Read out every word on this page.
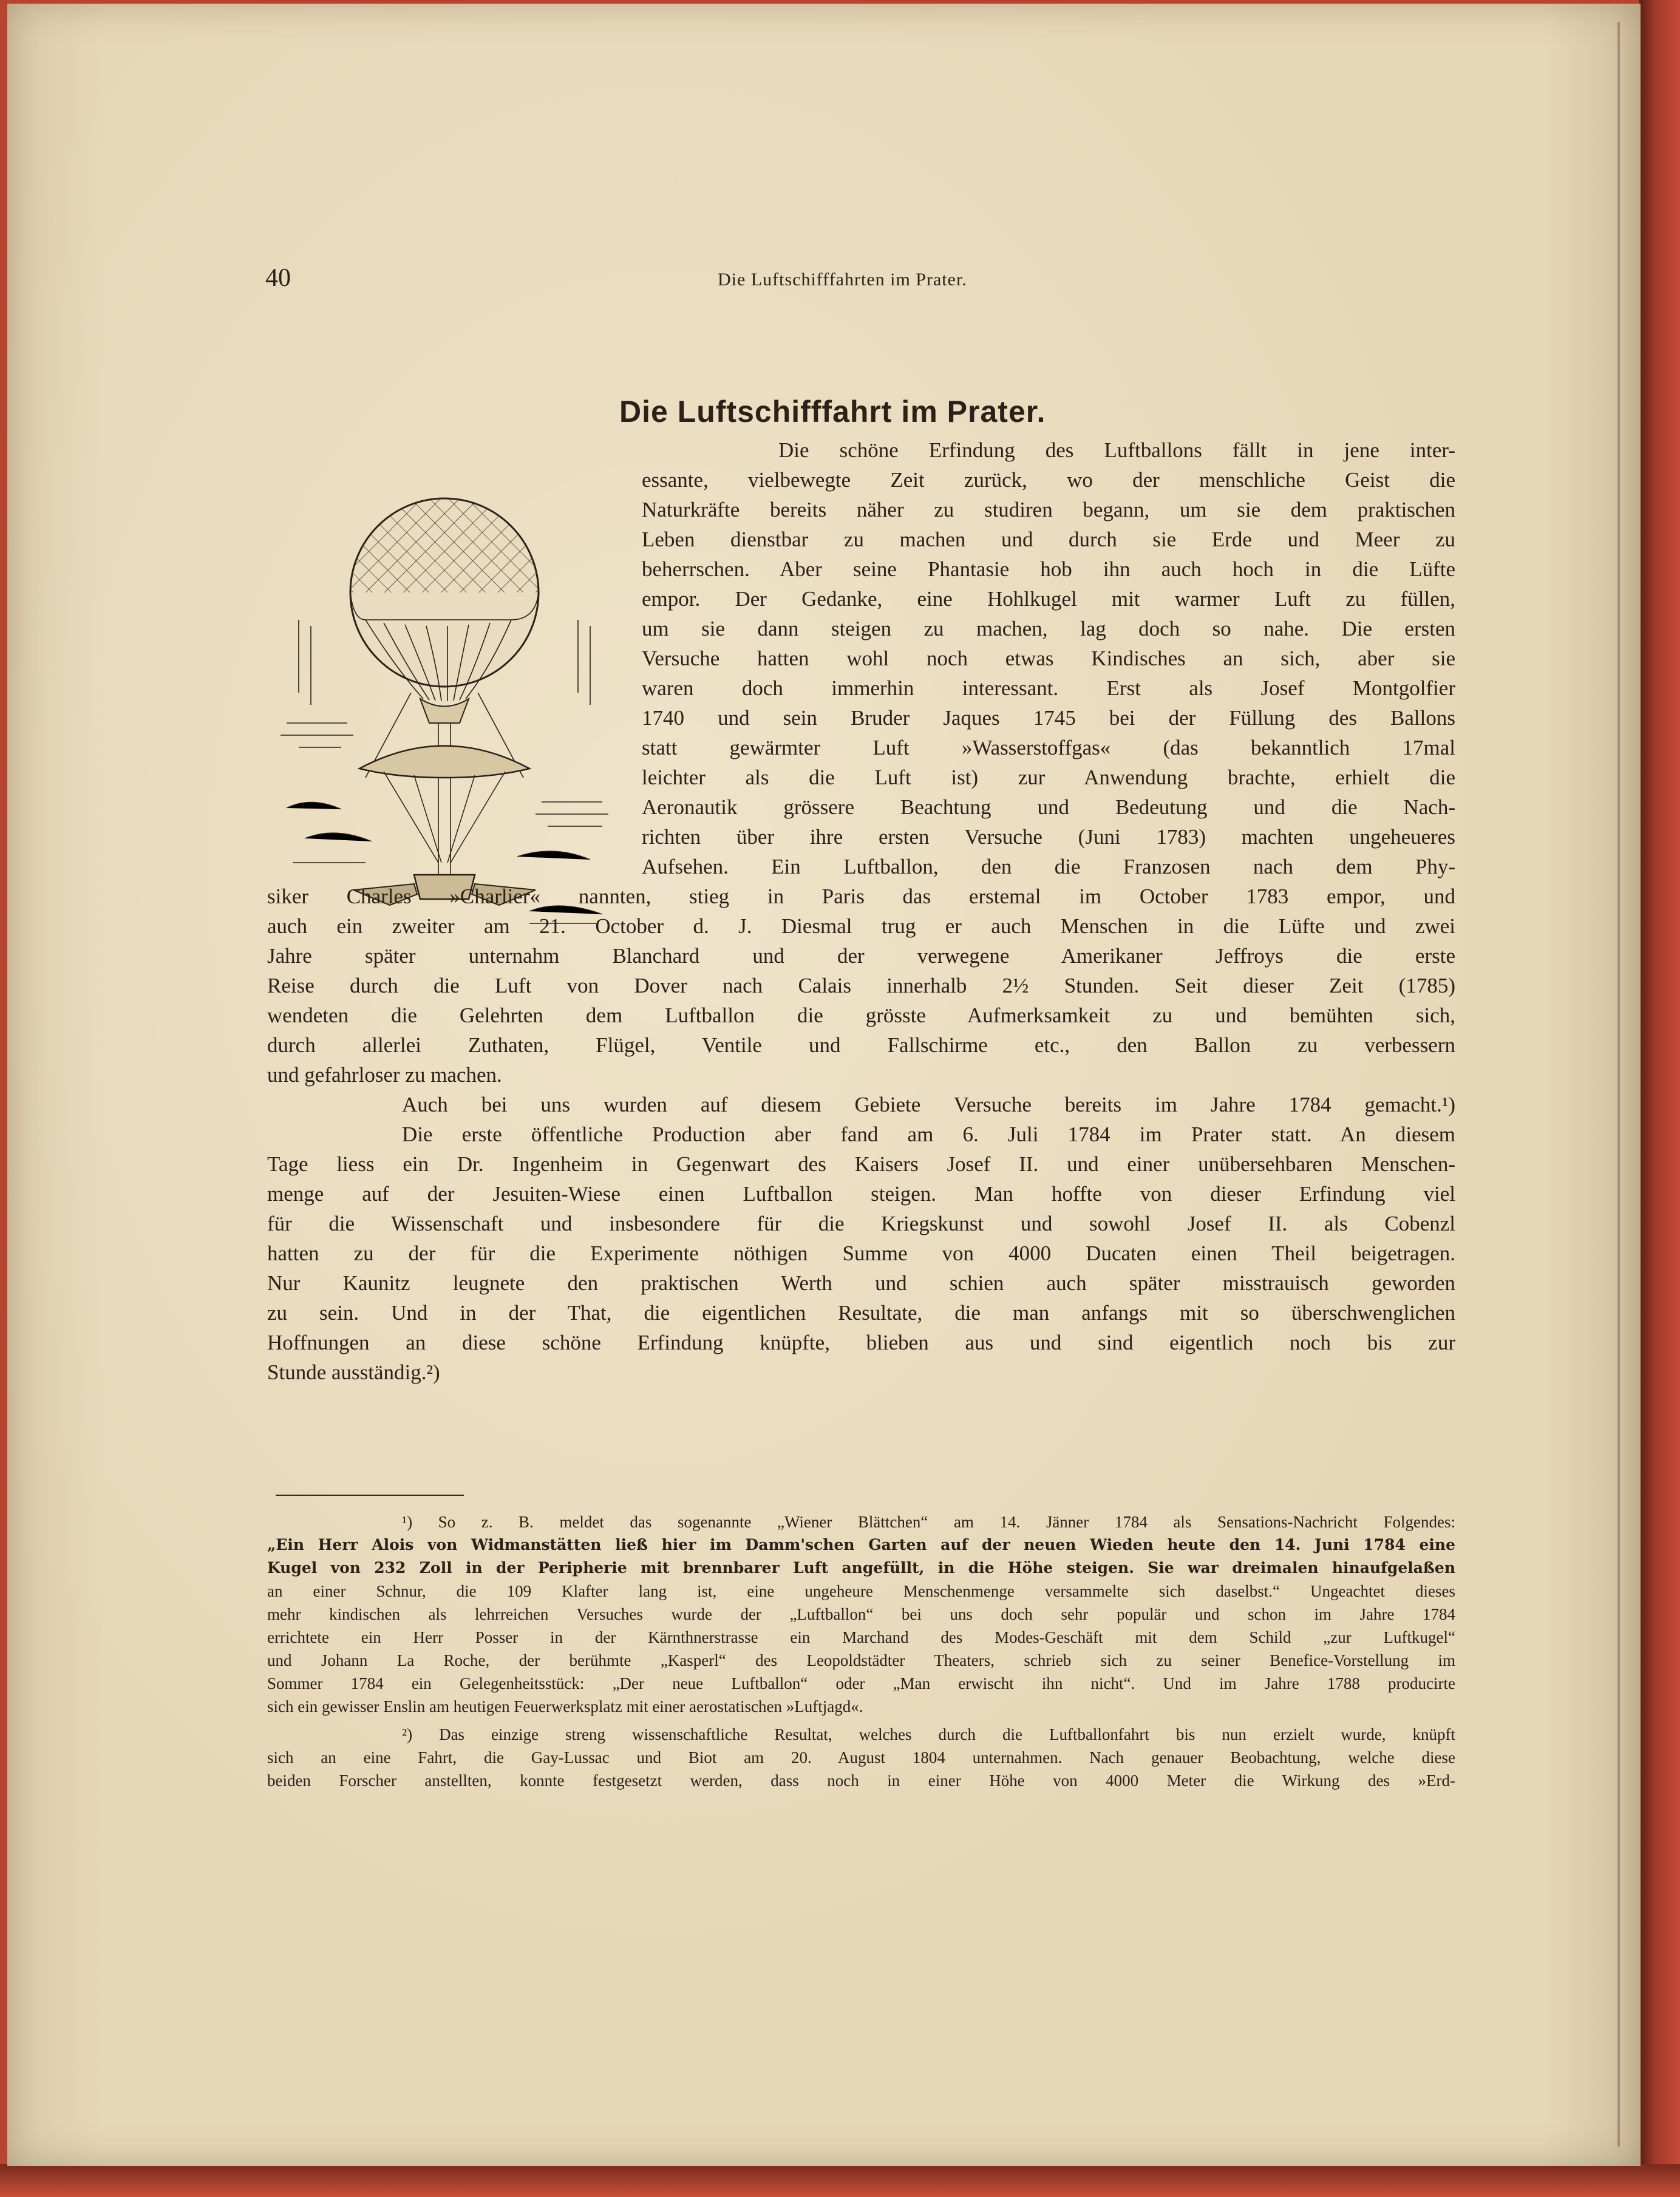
40	Die Luftschifffahrten im Prater.
Die Luftschifffahrt im Prater.
Die schöne Erfindung des Luftballons fällt in jene inter-
essante, vielbewegte Zeit zurück, wo der menschliche Geist die
Naturkräfte bereits näher zu studiren begann, um sie dem praktischen
Leben dienstbar zu machen und durch sie Erde und Meer zu
beherrschen. Aber seine Phantasie hob ihn auch hoch in die Lüfte
empor. Der Gedanke, eine Hohlkugel mit warmer Luft zu füllen,
um sie dann steigen zu machen, lag doch so nahe. Die ersten
Versuche hatten wohl noch etwas Kindisches an sich, aber sie
waren doch immerhin interessant. Erst als Josef Montgolfier
1740 und sein Bruder Jaques 1745 bei der Füllung des Ballons
statt gewärmter Luft »Wasserstoffgas« (das bekanntlich 17mal
leichter als die Luft ist) zur Anwendung brachte, erhielt die
Aeronautik grössere Beachtung und Bedeutung und die Nach-
richten über ihre ersten Versuche (Juni 1783) machten ungeheueres
Aufsehen. Ein Luftballon, den die Franzosen nach dem Phy-
siker Charles »Charlier« nannten, stieg in Paris das erstemal im October 1783 empor, und
auch ein zweiter am 21. October d. J. Diesmal trug er auch Menschen in die Lüfte und zwei
Jahre später unternahm Blanchard und der verwegene Amerikaner Jeffroys die erste
Reise durch die Luft von Dover nach Calais innerhalb 2½ Stunden. Seit dieser Zeit (1785)
wendeten die Gelehrten dem Luftballon die grösste Aufmerksamkeit zu und bemühten sich,
durch allerlei Zuthaten, Flügel, Ventile und Fallschirme etc., den Ballon zu verbessern
und gefahrloser zu machen.
Auch bei uns wurden auf diesem Gebiete Versuche bereits im Jahre 1784 gemacht.¹)
Die erste öffentliche Production aber fand am 6. Juli 1784 im Prater statt. An diesem
Tage liess ein Dr. Ingenheim in Gegenwart des Kaisers Josef II. und einer unübersehbaren Menschen-
menge auf der Jesuiten-Wiese einen Luftballon steigen. Man hoffte von dieser Erfindung viel
für die Wissenschaft und insbesondere für die Kriegskunst und sowohl Josef II. als Cobenzl
hatten zu der für die Experimente nöthigen Summe von 4000 Ducaten einen Theil beigetragen.
Nur Kaunitz leugnete den praktischen Werth und schien auch später misstrauisch geworden
zu sein. Und in der That, die eigentlichen Resultate, die man anfangs mit so überschwenglichen
Hoffnungen an diese schöne Erfindung knüpfte, blieben aus und sind eigentlich noch bis zur
Stunde ausständig.²)
¹) So z. B. meldet das sogenannte „Wiener Blättchen“ am 14. Jänner 1784 als Sensations-Nachricht Folgendes:
„Ein Herr Alois von Widmanstätten ließ hier im Damm'schen Garten auf der neuen Wieden heute den 14. Juni 1784 eine
Kugel von 232 Zoll in der Peripherie mit brennbarer Luft angefüllt, in die Höhe steigen. Sie war dreimalen hinaufgelaßen
an einer Schnur, die 109 Klafter lang ist, eine ungeheure Menschenmenge versammelte sich daselbst.“ Ungeachtet dieses
mehr kindischen als lehrreichen Versuches wurde der „Luftballon“ bei uns doch sehr populär und schon im Jahre 1784
errichtete ein Herr Posser in der Kärnthnerstrasse ein Marchand des Modes-Geschäft mit dem Schild „zur Luftkugel“
und Johann La Roche, der berühmte „Kasperl“ des Leopoldstädter Theaters, schrieb sich zu seiner Benefice-Vorstellung im
Sommer 1784 ein Gelegenheitsstück: „Der neue Luftballon“ oder „Man erwischt ihn nicht“. Und im Jahre 1788 producirte
sich ein gewisser Enslin am heutigen Feuerwerksplatz mit einer aerostatischen »Luftjagd«.
²) Das einzige streng wissenschaftliche Resultat, welches durch die Luftballonfahrt bis nun erzielt wurde, knüpft
sich an eine Fahrt, die Gay-Lussac und Biot am 20. August 1804 unternahmen. Nach genauer Beobachtung, welche diese
beiden Forscher anstellten, konnte festgesetzt werden, dass noch in einer Höhe von 4000 Meter die Wirkung des »Erd-
